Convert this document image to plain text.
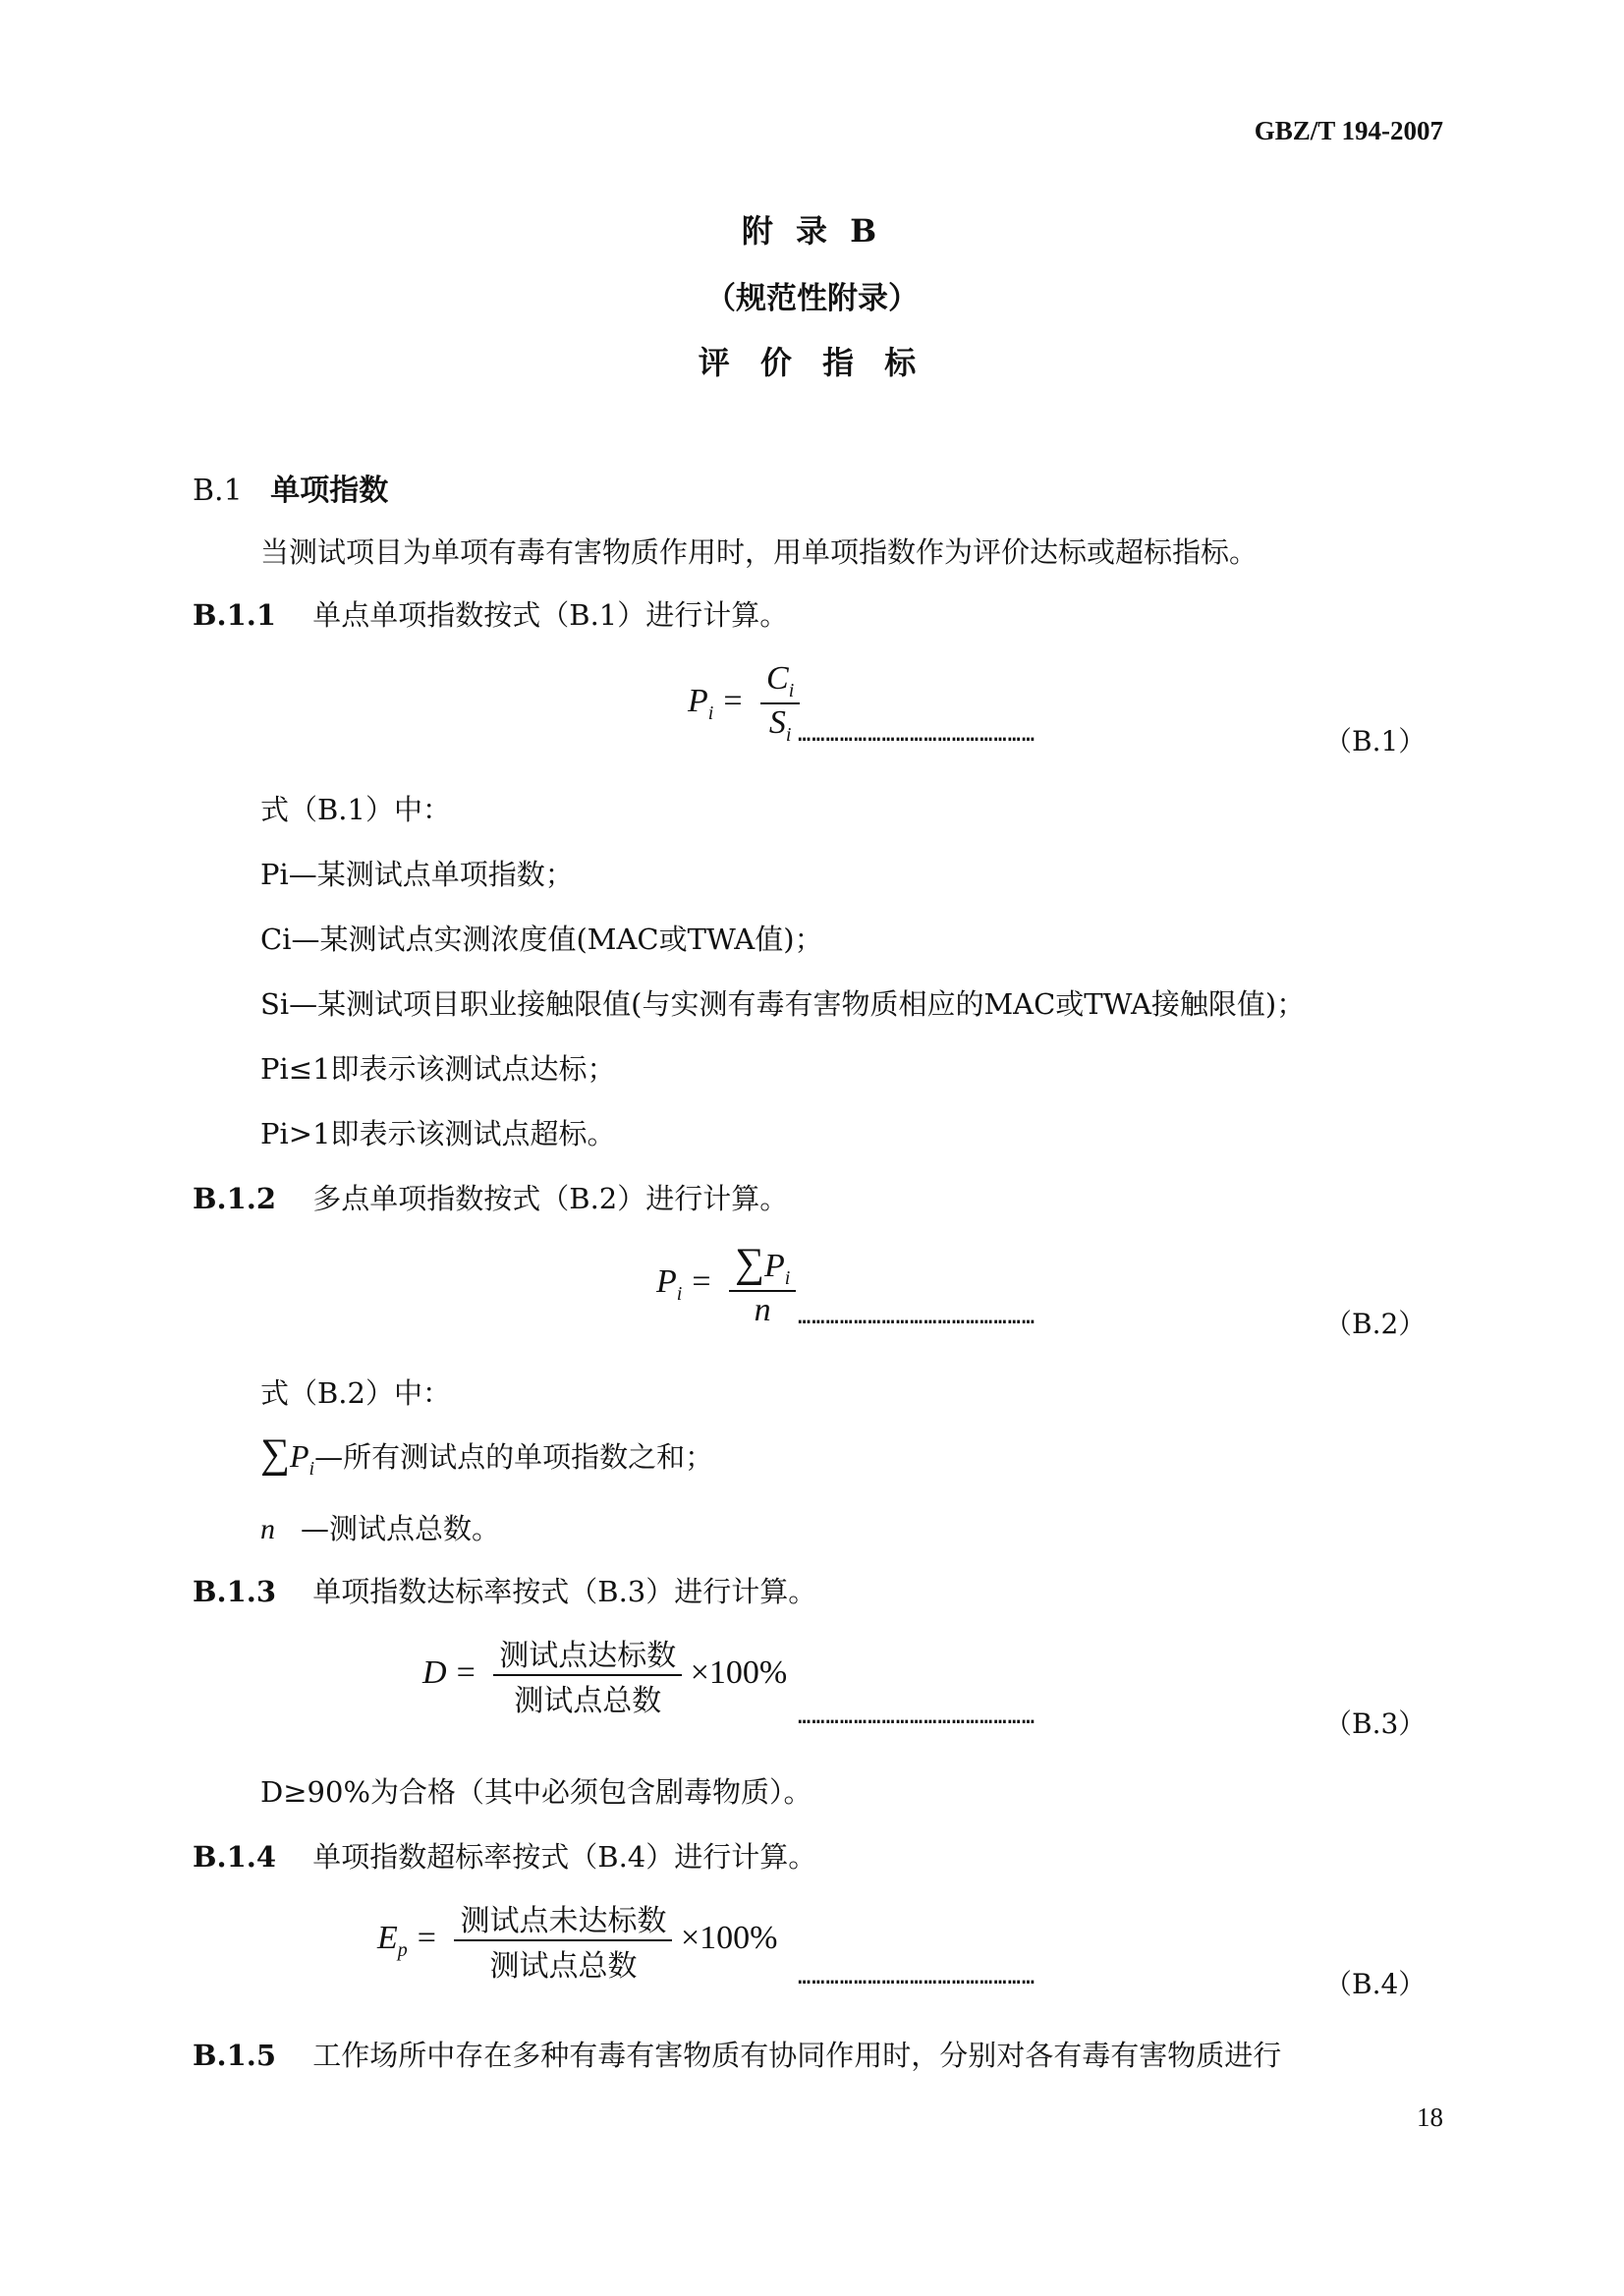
GBZ/T 194-2007
附 录 B
（规范性附录）
评 价 指 标
B.1 单项指数
当测试项目为单项有毒有害物质作用时，用单项指数作为评价达标或超标指标。
B.1.1 单点单项指数按式（B.1）进行计算。
$P_i = \frac{C_i}{S_i}$
……………………………………………	（B.1）
式（B.1）中：
Pi—某测试点单项指数；
Ci—某测试点实测浓度值(MAC或TWA值)；
Si—某测试项目职业接触限值(与实测有毒有害物质相应的MAC或TWA接触限值)；
Pi≤1即表示该测试点达标；
Pi>1即表示该测试点超标。
B.1.2 多点单项指数按式（B.2）进行计算。
$P_i = \frac{\sum P_i}{n}$ ……………………………………………	（B.2）
式（B.2）中：
$\sum P_i—$所有测试点的单项指数之和；
n —测试点总数。
B.1.3 单项指数达标率按式（B.3）进行计算。
$D = \frac{\text{测试点达标数}}{\text{测试点总数}} \times 100\%$
……………………………………………	（B.3）
D≥90%为合格（其中必须包含剧毒物质）。
B.1.4 单项指数超标率按式（B.4）进行计算。
$E_p = \frac{\text{测试点未达标数}}{\text{测试点总数}} \times 100\%$
……………………………………………	（B.4）
B.1.5 工作场所中存在多种有毒有害物质有协同作用时，分别对各有毒有害物质进行
18
